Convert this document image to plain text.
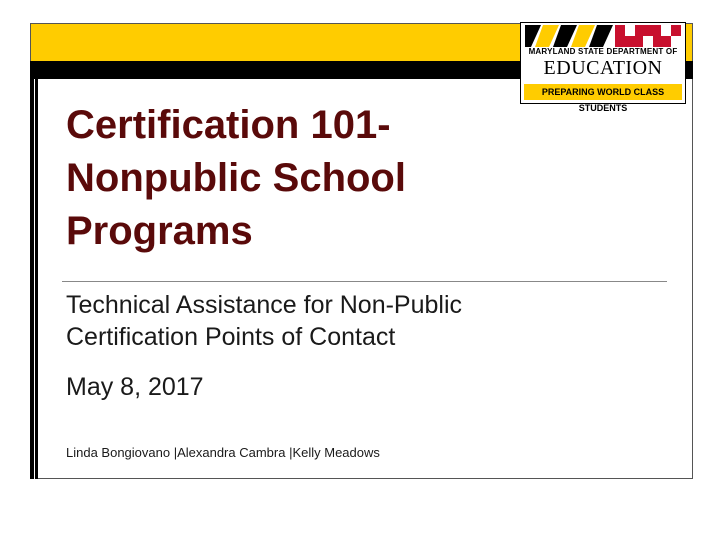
MARYLAND STATE DEPARTMENT OF
EDUCATION
PREPARING WORLD CLASS STUDENTS
Certification 101-
Nonpublic School
Programs
Technical Assistance for Non-Public
Certification Points of Contact
May 8, 2017
Linda Bongiovano |Alexandra Cambra |Kelly Meadows
